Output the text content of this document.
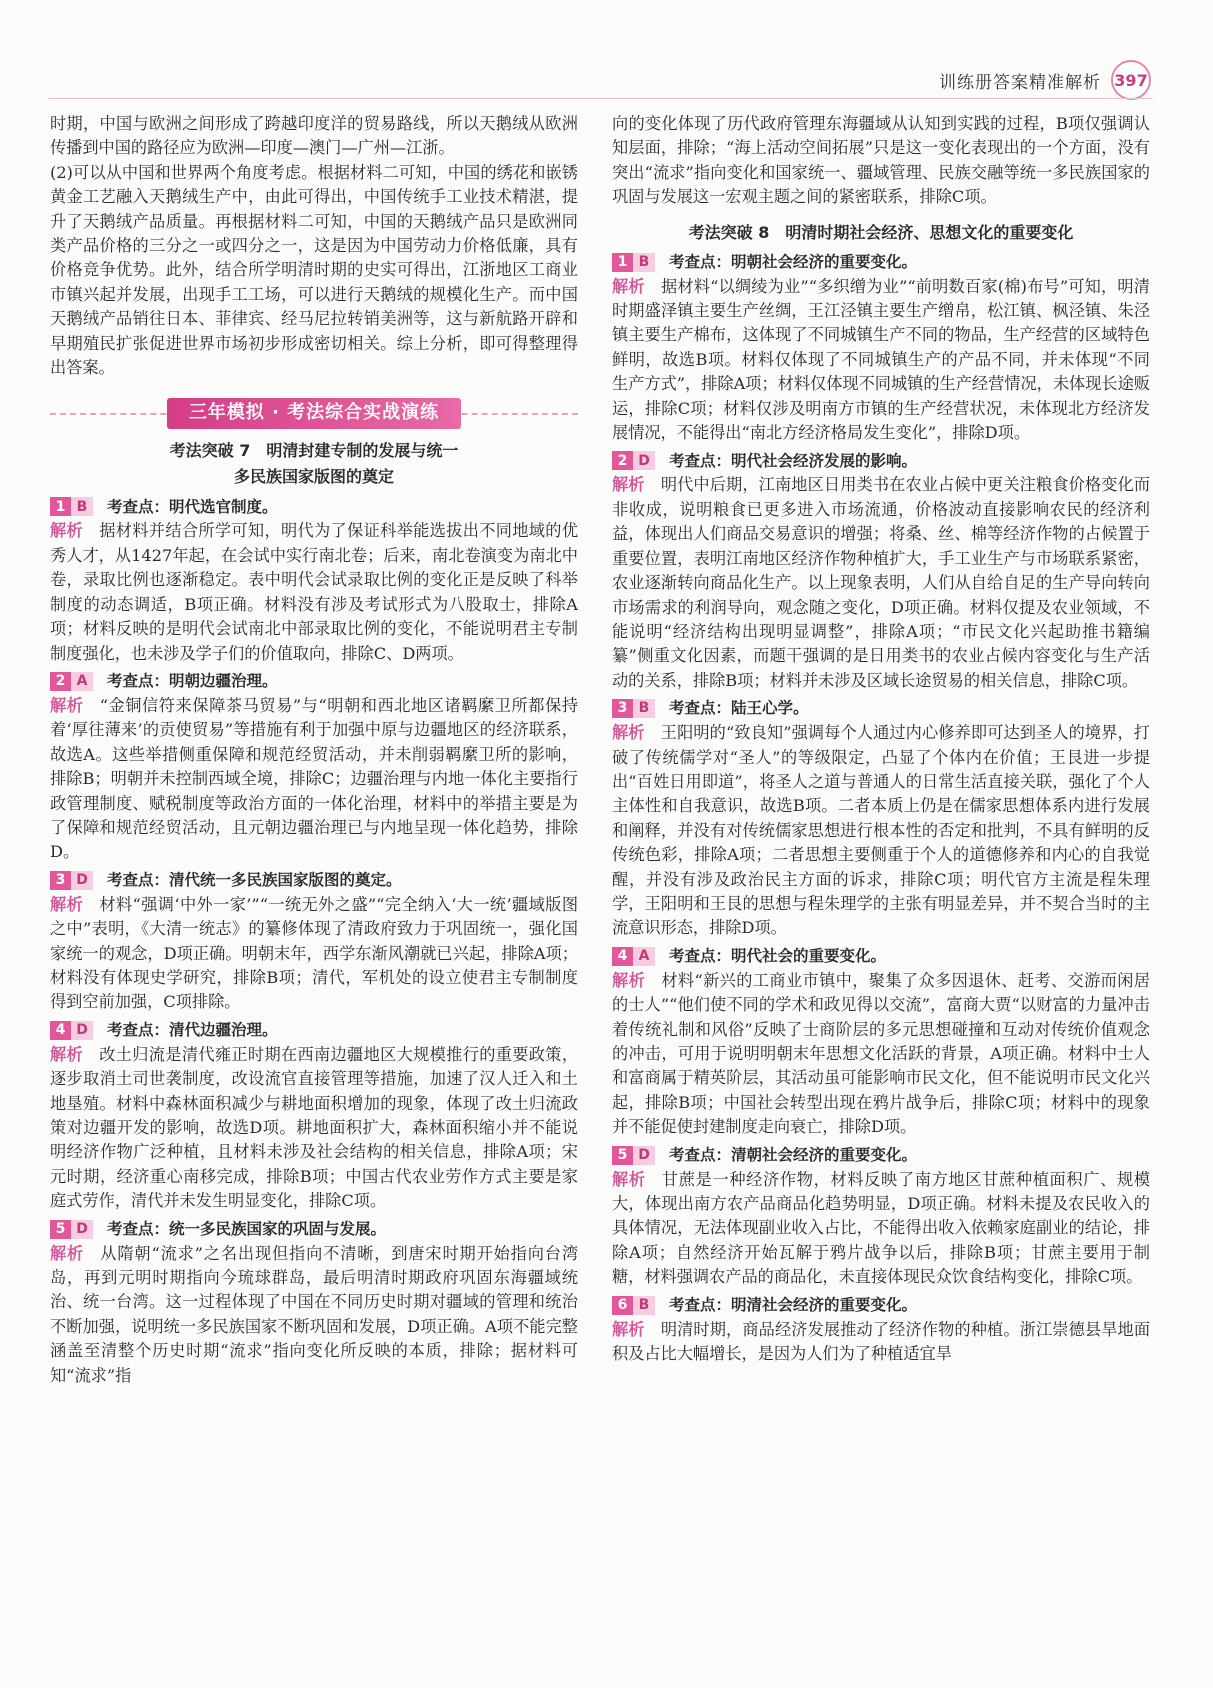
训练册答案精准解析 397

时期，中国与欧洲之间形成了跨越印度洋的贸易路线，所以天鹅绒从欧洲传播到中国的路径应为欧洲—印度—澳门—广州—江浙。

(2)可以从中国和世界两个角度考虑。根据材料二可知，中国的绣花和嵌锈黄金工艺融入天鹅绒生产中，由此可得出，中国传统手工业技术精湛，提升了天鹅绒产品质量。再根据材料二可知，中国的天鹅绒产品只是欧洲同类产品价格的三分之一或四分之一，这是因为中国劳动力价格低廉，具有价格竞争优势。此外，结合所学明清时期的史实可得出，江浙地区工商业市镇兴起并发展，出现手工工场，可以进行天鹅绒的规模化生产。而中国天鹅绒产品销往日本、菲律宾、经马尼拉转销美洲等，这与新航路开辟和早期殖民扩张促进世界市场初步形成密切相关。综上分析，即可得整理得出答案。

三年模拟 · 考法综合实战演练
考法突破 7　明清封建专制的发展与统一
多民族国家版图的奠定
1 B	考查点：明代选官制度。

解析 据材料并结合所学可知，明代为了保证科举能选拔出不同地域的优秀人才，从1427年起，在会试中实行南北卷；后来，南北卷演变为南北中卷，录取比例也逐渐稳定。表中明代会试录取比例的变化正是反映了科举制度的动态调适，B项正确。材料没有涉及考试形式为八股取士，排除A项；材料反映的是明代会试南北中部录取比例的变化，不能说明君主专制制度强化，也未涉及学子们的价值取向，排除C、D两项。

2 A	考查点：明朝边疆治理。

解析 “金铜信符来保障茶马贸易”与“明朝和西北地区诸羁縻卫所都保持着‘厚往薄来’的贡使贸易”等措施有利于加强中原与边疆地区的经济联系，故选A。这些举措侧重保障和规范经贸活动，并未削弱羁縻卫所的影响，排除B；明朝并未控制西域全境，排除C；边疆治理与内地一体化主要指行政管理制度、赋税制度等政治方面的一体化治理，材料中的举措主要是为了保障和规范经贸活动，且元朝边疆治理已与内地呈现一体化趋势，排除D。

3 D	考查点：清代统一多民族国家版图的奠定。

解析 材料“强调‘中外一家’”“一统无外之盛”“完全纳入‘大一统’疆域版图之中”表明，《大清一统志》的纂修体现了清政府致力于巩固统一，强化国家统一的观念，D项正确。明朝末年，西学东渐风潮就已兴起，排除A项；材料没有体现史学研究，排除B项；清代，军机处的设立使君主专制制度得到空前加强，C项排除。

4 D	考查点：清代边疆治理。

解析 改土归流是清代雍正时期在西南边疆地区大规模推行的重要政策，逐步取消土司世袭制度，改设流官直接管理等措施，加速了汉人迁入和土地垦殖。材料中森林面积减少与耕地面积增加的现象，体现了改土归流政策对边疆开发的影响，故选D项。耕地面积扩大，森林面积缩小并不能说明经济作物广泛种植，且材料未涉及社会结构的相关信息，排除A项；宋元时期，经济重心南移完成，排除B项；中国古代农业劳作方式主要是家庭式劳作，清代并未发生明显变化，排除C项。

5 D	考查点：统一多民族国家的巩固与发展。

解析 从隋朝“流求”之名出现但指向不清晰，到唐宋时期开始指向台湾岛，再到元明时期指向今琉球群岛，最后明清时期政府巩固东海疆域统治、统一台湾。这一过程体现了中国在不同历史时期对疆域的管理和统治不断加强，说明统一多民族国家不断巩固和发展，D项正确。A项不能完整涵盖至清整个历史时期“流求”指向变化所反映的本质，排除；据材料可知“流求”指

向的变化体现了历代政府管理东海疆域从认知到实践的过程，B项仅强调认知层面，排除；“海上活动空间拓展”只是这一变化表现出的一个方面，没有突出“流求”指向变化和国家统一、疆域管理、民族交融等统一多民族国家的巩固与发展这一宏观主题之间的紧密联系，排除C项。

考法突破 8　明清时期社会经济、思想文化的重要变化
1 B	考查点：明朝社会经济的重要变化。

解析 据材料“以绸绫为业”“多织缯为业”“前明数百家(棉)布号”可知，明清时期盛泽镇主要生产丝绸，王江泾镇主要生产缯帛，松江镇、枫泾镇、朱泾镇主要生产棉布，这体现了不同城镇生产不同的物品，生产经营的区域特色鲜明，故选B项。材料仅体现了不同城镇生产的产品不同，并未体现“不同生产方式”，排除A项；材料仅体现不同城镇的生产经营情况，未体现长途贩运，排除C项；材料仅涉及明南方市镇的生产经营状况，未体现北方经济发展情况，不能得出“南北方经济格局发生变化”，排除D项。

2 D	考查点：明代社会经济发展的影响。

解析 明代中后期，江南地区日用类书在农业占候中更关注粮食价格变化而非收成，说明粮食已更多进入市场流通，价格波动直接影响农民的经济利益，体现出人们商品交易意识的增强；将桑、丝、棉等经济作物的占候置于重要位置，表明江南地区经济作物种植扩大，手工业生产与市场联系紧密，农业逐渐转向商品化生产。以上现象表明，人们从自给自足的生产导向转向市场需求的利润导向，观念随之变化，D项正确。材料仅提及农业领域，不能说明“经济结构出现明显调整”，排除A项；“市民文化兴起助推书籍编纂”侧重文化因素，而题干强调的是日用类书的农业占候内容变化与生产活动的关系，排除B项；材料并未涉及区域长途贸易的相关信息，排除C项。

3 B	考查点：陆王心学。

解析 王阳明的“致良知”强调每个人通过内心修养即可达到圣人的境界，打破了传统儒学对“圣人”的等级限定，凸显了个体内在价值；王艮进一步提出“百姓日用即道”，将圣人之道与普通人的日常生活直接关联，强化了个人主体性和自我意识，故选B项。二者本质上仍是在儒家思想体系内进行发展和阐释，并没有对传统儒家思想进行根本性的否定和批判，不具有鲜明的反传统色彩，排除A项；二者思想主要侧重于个人的道德修养和内心的自我觉醒，并没有涉及政治民主方面的诉求，排除C项；明代官方主流是程朱理学，王阳明和王艮的思想与程朱理学的主张有明显差异，并不契合当时的主流意识形态，排除D项。

4 A	考查点：明代社会的重要变化。

解析 材料“新兴的工商业市镇中，聚集了众多因退休、赶考、交游而闲居的士人”“他们使不同的学术和政见得以交流”，富商大贾“以财富的力量冲击着传统礼制和风俗”反映了士商阶层的多元思想碰撞和互动对传统价值观念的冲击，可用于说明明朝末年思想文化活跃的背景，A项正确。材料中士人和富商属于精英阶层，其活动虽可能影响市民文化，但不能说明市民文化兴起，排除B项；中国社会转型出现在鸦片战争后，排除C项；材料中的现象并不能促使封建制度走向衰亡，排除D项。

5 D	考查点：清朝社会经济的重要变化。

解析 甘蔗是一种经济作物，材料反映了南方地区甘蔗种植面积广、规模大，体现出南方农产品商品化趋势明显，D项正确。材料未提及农民收入的具体情况，无法体现副业收入占比，不能得出收入依赖家庭副业的结论，排除A项；自然经济开始瓦解于鸦片战争以后，排除B项；甘蔗主要用于制糖，材料强调农产品的商品化，未直接体现民众饮食结构变化，排除C项。

6 B	考查点：明清社会经济的重要变化。

解析 明清时期，商品经济发展推动了经济作物的种植。浙江崇德县旱地面积及占比大幅增长，是因为人们为了种植适宜旱
